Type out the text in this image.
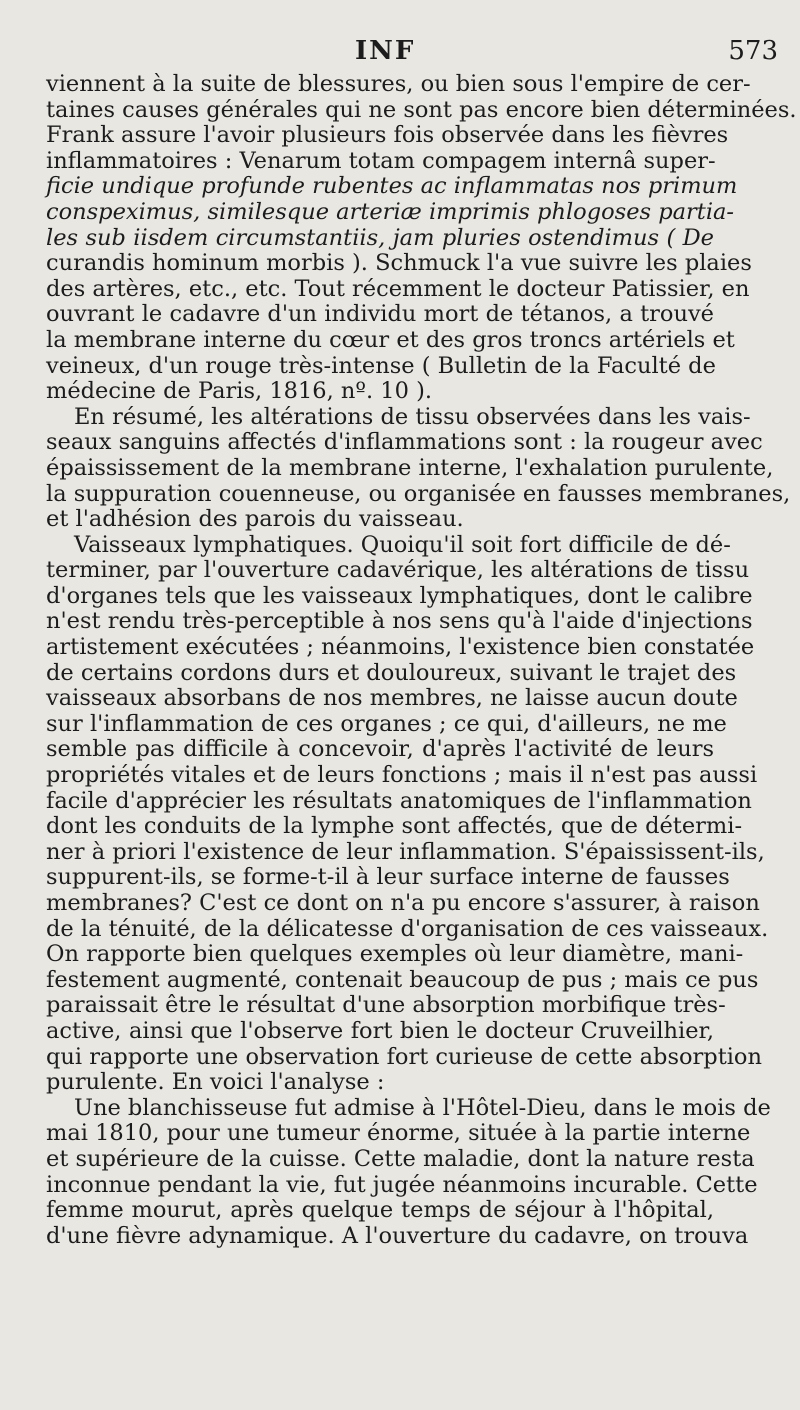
INF	573
viennent à la suite de blessures, ou bien sous l'empire de cer-
taines causes générales qui ne sont pas encore bien déterminées.
Frank assure l'avoir plusieurs fois observée dans les fièvres
inflammatoires : Venarum totam compagem internâ super-
ficie undique profunde rubentes ac inflammatas nos primum
conspeximus, similesque arteriæ imprimis phlogoses partia-
les sub iisdem circumstantiis, jam pluries ostendimus ( De
curandis hominum morbis ). Schmuck l'a vue suivre les plaies
des artères, etc., etc. Tout récemment le docteur Patissier, en
ouvrant le cadavre d'un individu mort de tétanos, a trouvé
la membrane interne du cœur et des gros troncs artériels et
veineux, d'un rouge très-intense ( Bulletin de la Faculté de
médecine de Paris, 1816, nº. 10 ).
En résumé, les altérations de tissu observées dans les vais-
seaux sanguins affectés d'inflammations sont : la rougeur avec
épaississement de la membrane interne, l'exhalation purulente,
la suppuration couenneuse, ou organisée en fausses membranes,
et l'adhésion des parois du vaisseau.
Vaisseaux lymphatiques. Quoiqu'il soit fort difficile de dé-
terminer, par l'ouverture cadavérique, les altérations de tissu
d'organes tels que les vaisseaux lymphatiques, dont le calibre
n'est rendu très-perceptible à nos sens qu'à l'aide d'injections
artistement exécutées ; néanmoins, l'existence bien constatée
de certains cordons durs et douloureux, suivant le trajet des
vaisseaux absorbans de nos membres, ne laisse aucun doute
sur l'inflammation de ces organes ; ce qui, d'ailleurs, ne me
semble pas difficile à concevoir, d'après l'activité de leurs
propriétés vitales et de leurs fonctions ; mais il n'est pas aussi
facile d'apprécier les résultats anatomiques de l'inflammation
dont les conduits de la lymphe sont affectés, que de détermi-
ner à priori l'existence de leur inflammation. S'épaississent-ils,
suppurent-ils, se forme-t-il à leur surface interne de fausses
membranes? C'est ce dont on n'a pu encore s'assurer, à raison
de la ténuité, de la délicatesse d'organisation de ces vaisseaux.
On rapporte bien quelques exemples où leur diamètre, mani-
festement augmenté, contenait beaucoup de pus ; mais ce pus
paraissait être le résultat d'une absorption morbifique très-
active, ainsi que l'observe fort bien le docteur Cruveilhier,
qui rapporte une observation fort curieuse de cette absorption
purulente. En voici l'analyse :
Une blanchisseuse fut admise à l'Hôtel-Dieu, dans le mois de
mai 1810, pour une tumeur énorme, située à la partie interne
et supérieure de la cuisse. Cette maladie, dont la nature resta
inconnue pendant la vie, fut jugée néanmoins incurable. Cette
femme mourut, après quelque temps de séjour à l'hôpital,
d'une fièvre adynamique. A l'ouverture du cadavre, on trouva
